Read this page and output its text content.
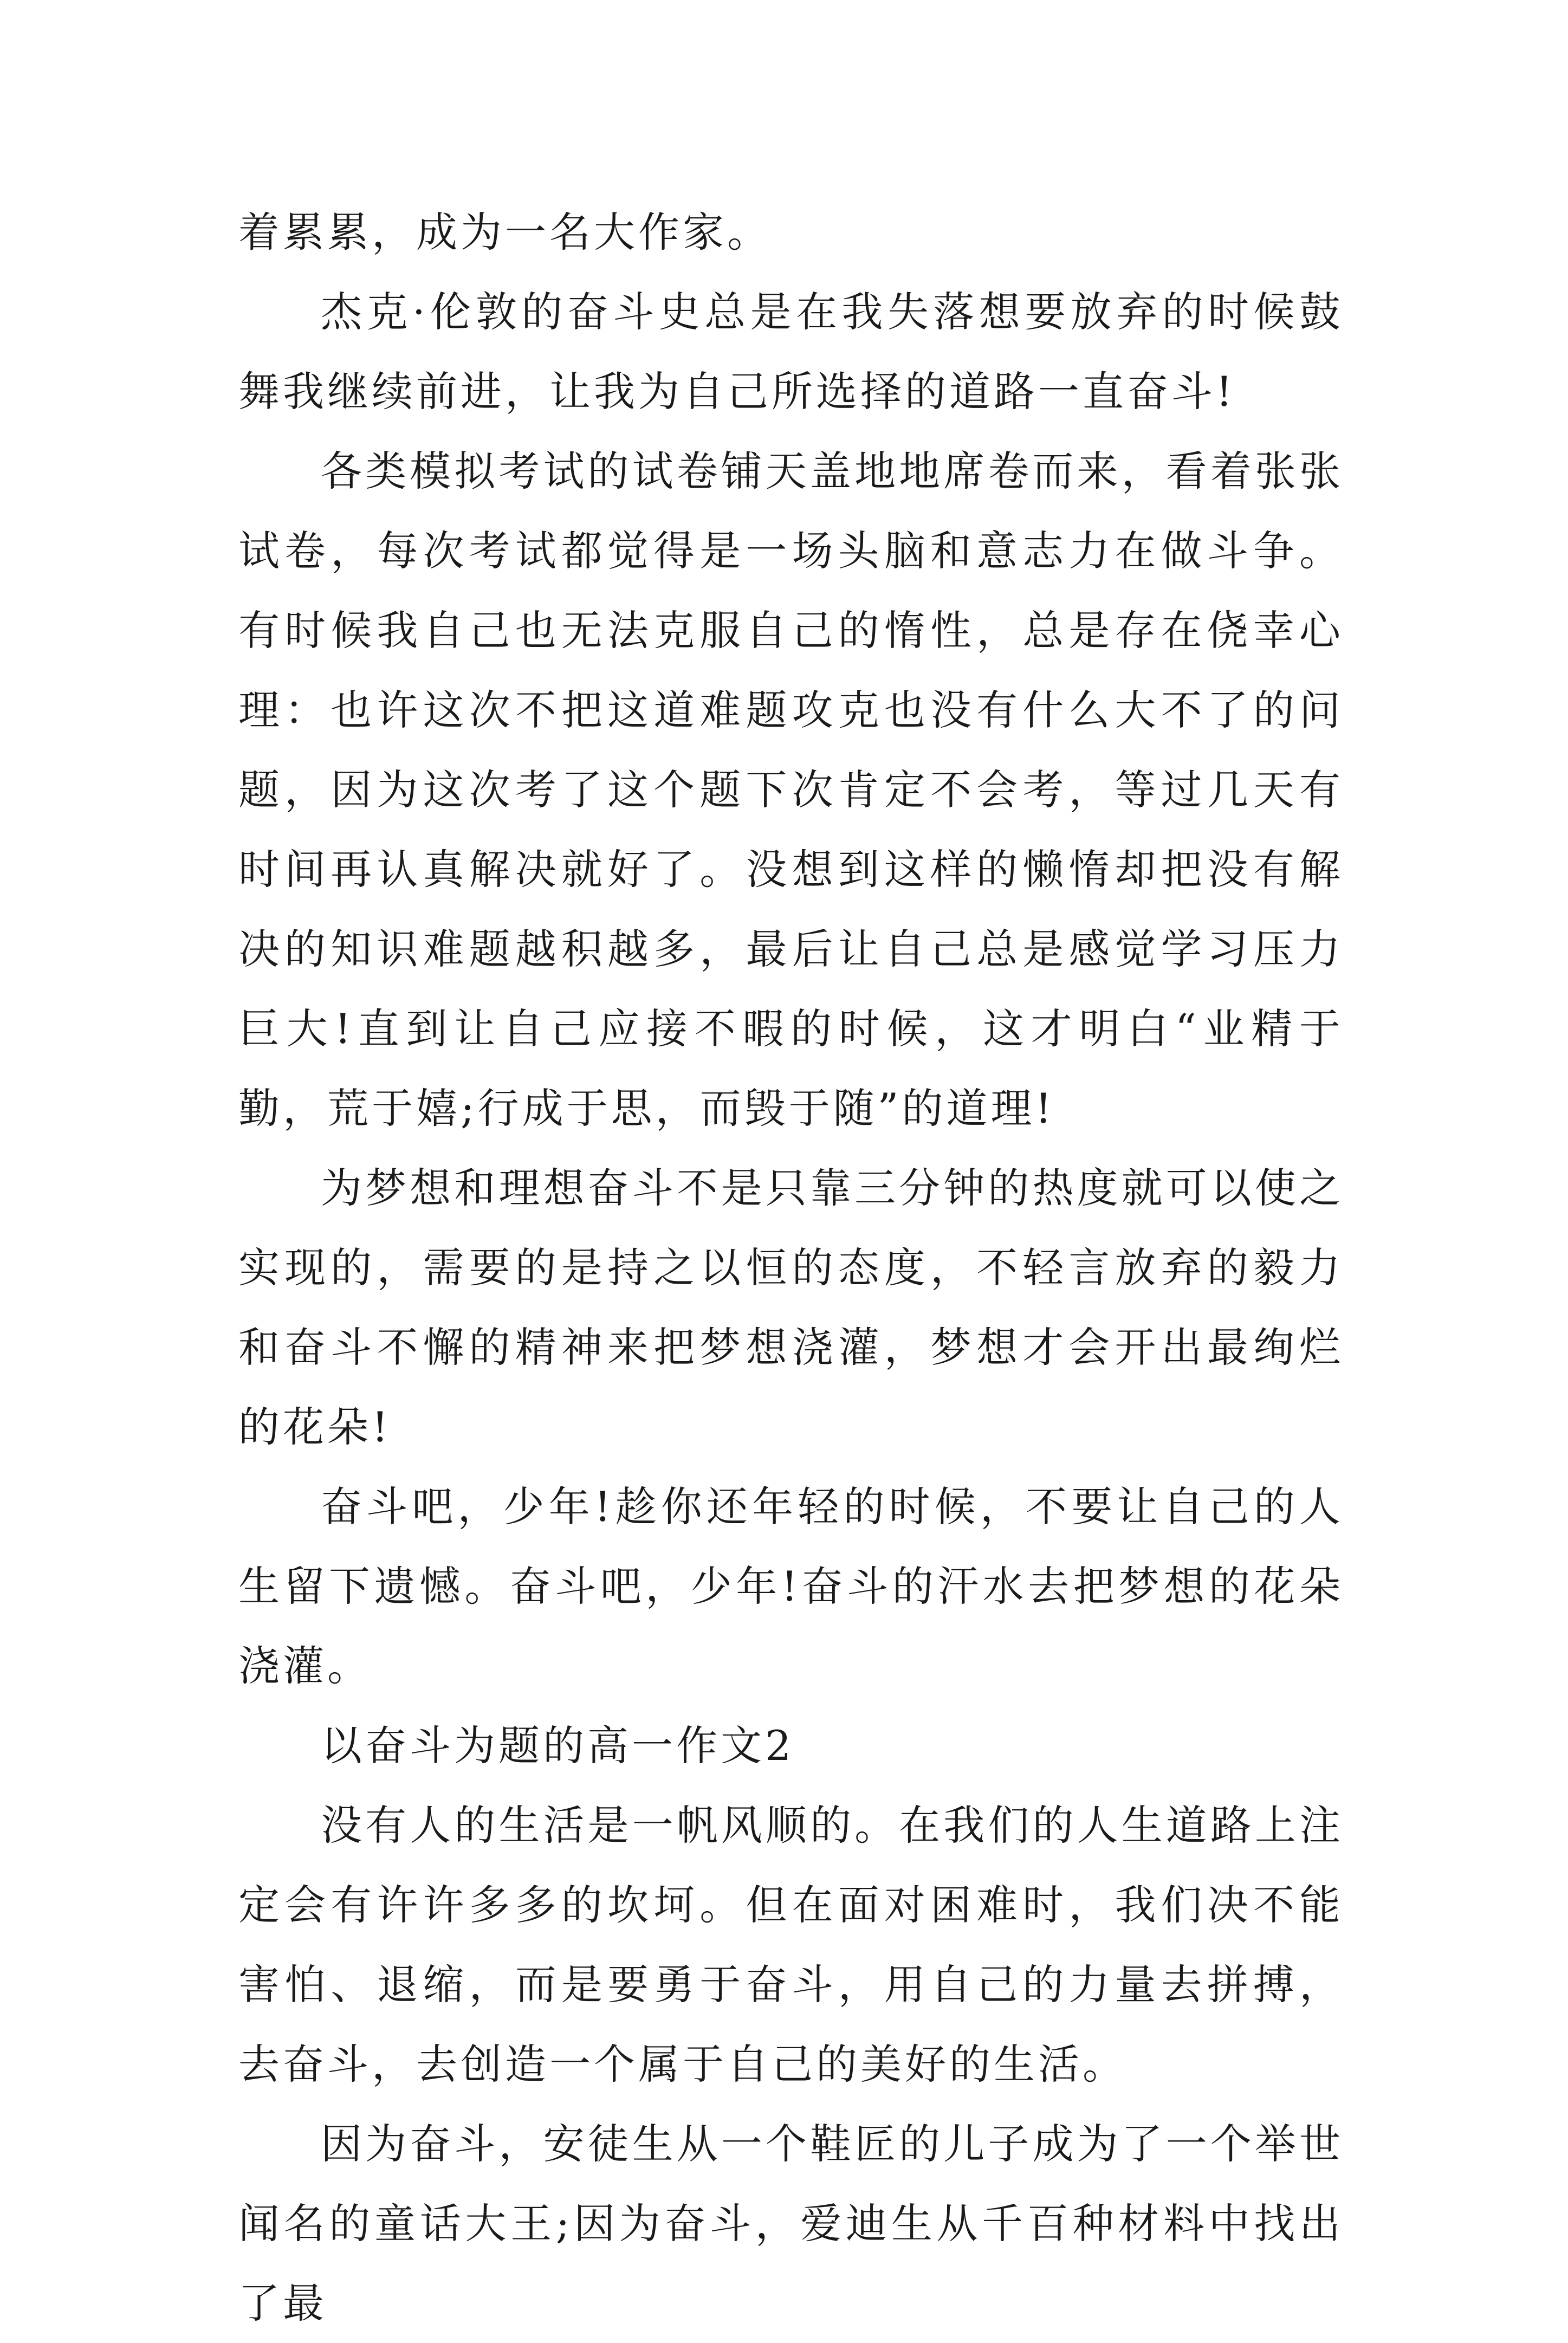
着累累，成为一名大作家。

杰克·伦敦的奋斗史总是在我失落想要放弃的时候鼓舞我继续前进，让我为自己所选择的道路一直奋斗!

各类模拟考试的试卷铺天盖地地席卷而来，看着张张试卷，每次考试都觉得是一场头脑和意志力在做斗争。有时候我自己也无法克服自己的惰性，总是存在侥幸心理：也许这次不把这道难题攻克也没有什么大不了的问题，因为这次考了这个题下次肯定不会考，等过几天有时间再认真解决就好了。没想到这样的懒惰却把没有解决的知识难题越积越多，最后让自己总是感觉学习压力巨大!直到让自己应接不暇的时候，这才明白“业精于勤，荒于嬉;行成于思，而毁于随”的道理!

为梦想和理想奋斗不是只靠三分钟的热度就可以使之实现的，需要的是持之以恒的态度，不轻言放弃的毅力和奋斗不懈的精神来把梦想浇灌，梦想才会开出最绚烂的花朵!

奋斗吧，少年!趁你还年轻的时候，不要让自己的人生留下遗憾。奋斗吧，少年!奋斗的汗水去把梦想的花朵浇灌。

以奋斗为题的高一作文2

没有人的生活是一帆风顺的。在我们的人生道路上注定会有许许多多的坎坷。但在面对困难时，我们决不能害怕、退缩，而是要勇于奋斗，用自己的力量去拼搏，去奋斗，去创造一个属于自己的美好的生活。

因为奋斗，安徒生从一个鞋匠的儿子成为了一个举世闻名的童话大王;因为奋斗，爱迪生从千百种材料中找出了最
